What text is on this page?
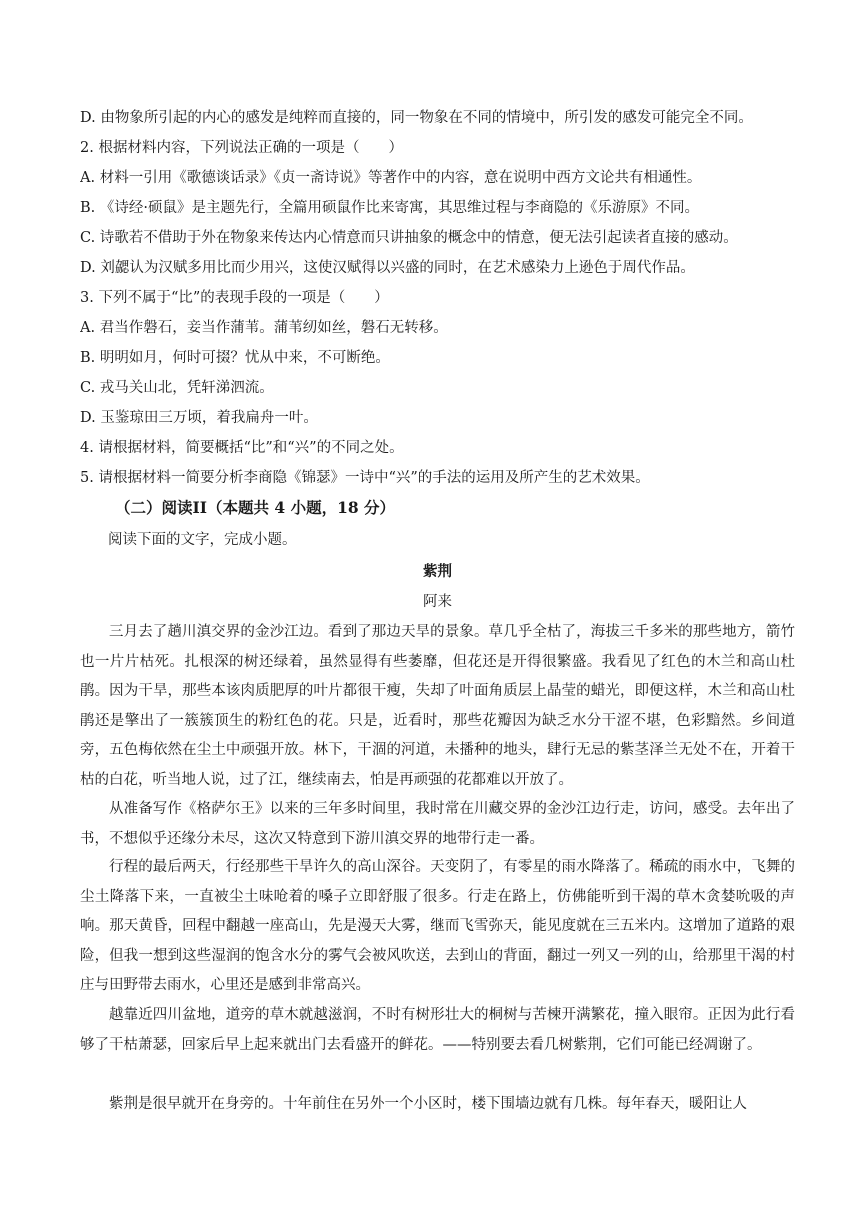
D. 由物象所引起的内心的感发是纯粹而直接的，同一物象在不同的情境中，所引发的感发可能完全不同。
2. 根据材料内容，下列说法正确的一项是（　　）
A. 材料一引用《歌德谈话录》《贞一斋诗说》等著作中的内容，意在说明中西方文论共有相通性。
B. 《诗经·硕鼠》是主题先行，全篇用硕鼠作比来寄寓，其思维过程与李商隐的《乐游原》不同。
C. 诗歌若不借助于外在物象来传达内心情意而只讲抽象的概念中的情意，便无法引起读者直接的感动。
D. 刘勰认为汉赋多用比而少用兴，这使汉赋得以兴盛的同时，在艺术感染力上逊色于周代作品。
3. 下列不属于“比”的表现手段的一项是（　　）
A. 君当作磐石，妾当作蒲苇。蒲苇纫如丝，磐石无转移。
B. 明明如月，何时可掇？忧从中来，不可断绝。
C. 戎马关山北，凭轩涕泗流。
D. 玉鉴琼田三万顷，着我扁舟一叶。
4. 请根据材料，简要概括“比”和“兴”的不同之处。
5. 请根据材料一简要分析李商隐《锦瑟》一诗中“兴”的手法的运用及所产生的艺术效果。
（二）阅读II（本题共 4 小题，18 分）
阅读下面的文字，完成小题。
紫荆
阿来
三月去了趟川滇交界的金沙江边。看到了那边天旱的景象。草几乎全枯了，海拔三千多米的那些地方，箭竹也一片片枯死。扎根深的树还绿着，虽然显得有些萎靡，但花还是开得很繁盛。我看见了红色的木兰和高山杜鹃。因为干旱，那些本该肉质肥厚的叶片都很干瘦，失却了叶面角质层上晶莹的蜡光，即便这样，木兰和高山杜鹃还是擎出了一簇簇顶生的粉红色的花。只是，近看时，那些花瓣因为缺乏水分干涩不堪，色彩黯然。乡间道旁，五色梅依然在尘土中顽强开放。林下，干涸的河道，未播种的地头，肆行无忌的紫茎泽兰无处不在，开着干枯的白花，听当地人说，过了江，继续南去，怕是再顽强的花都难以开放了。
从准备写作《格萨尔王》以来的三年多时间里，我时常在川藏交界的金沙江边行走，访问，感受。去年出了书，不想似乎还缘分未尽，这次又特意到下游川滇交界的地带行走一番。
行程的最后两天，行经那些干旱许久的高山深谷。天变阴了，有零星的雨水降落了。稀疏的雨水中，飞舞的尘土降落下来，一直被尘土味呛着的嗓子立即舒服了很多。行走在路上，仿佛能听到干渴的草木贪婪吮吸的声响。那天黄昏，回程中翻越一座高山，先是漫天大雾，继而飞雪弥天，能见度就在三五米内。这增加了道路的艰险，但我一想到这些湿润的饱含水分的雾气会被风吹送，去到山的背面，翻过一列又一列的山，给那里干渴的村庄与田野带去雨水，心里还是感到非常高兴。
越靠近四川盆地，道旁的草木就越滋润，不时有树形壮大的桐树与苦楝开满繁花，撞入眼帘。正因为此行看够了干枯萧瑟，回家后早上起来就出门去看盛开的鲜花。——特别要去看几树紫荆，它们可能已经凋谢了。
紫荆是很早就开在身旁的。十年前住在另外一个小区时，楼下围墙边就有几株。每年春天，暖阳让人
